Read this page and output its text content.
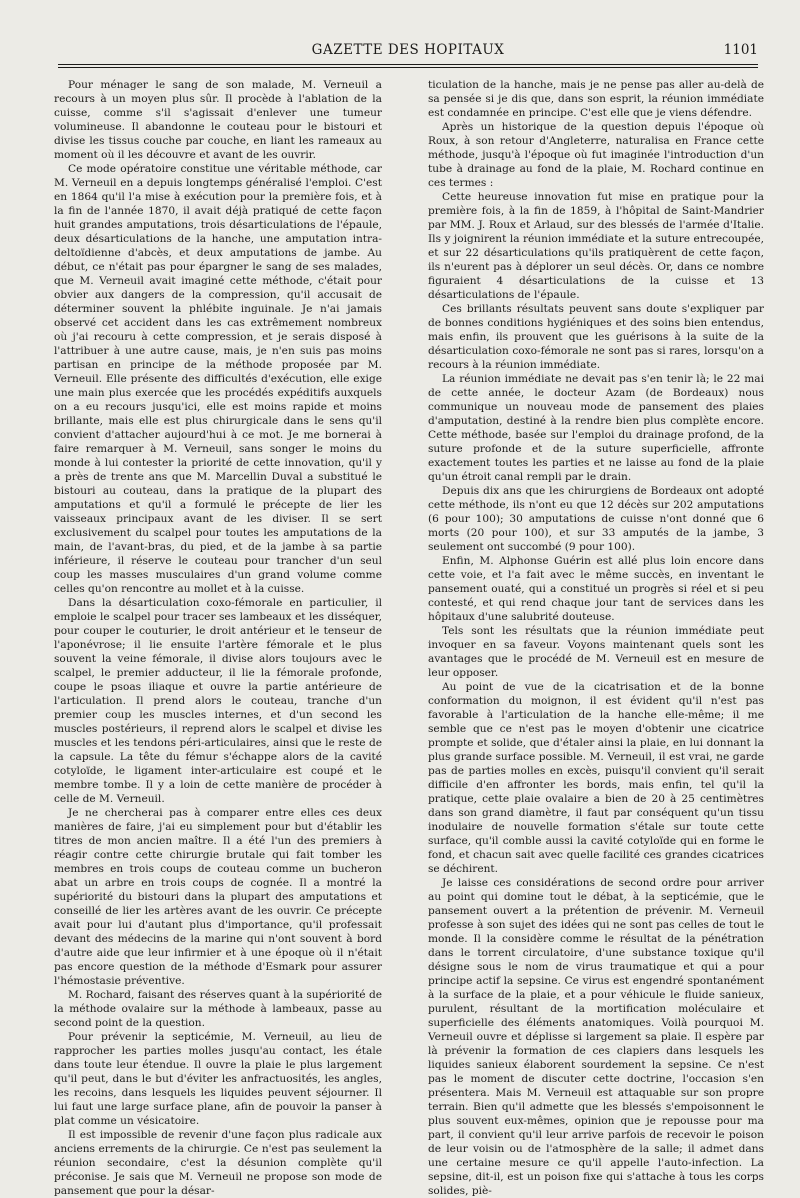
GAZETTE DES HOPITAUX	1101

Pour ménager le sang de son malade, M. Verneuil a recours à un moyen plus sûr. Il procède à l'ablation de la cuisse, comme s'il s'agissait d'enlever une tumeur volumineuse. Il abandonne le couteau pour le bistouri et divise les tissus couche par couche, en liant les rameaux au moment où il les découvre et avant de les ouvrir.

Ce mode opératoire constitue une véritable méthode, car M. Verneuil en a depuis longtemps généralisé l'emploi. C'est en 1864 qu'il l'a mise à exécution pour la première fois, et à la fin de l'année 1870, il avait déjà pratiqué de cette façon huit grandes amputations, trois désarticulations de l'épaule, deux désarticulations de la hanche, une amputation intra-deltoïdienne d'abcès, et deux amputations de jambe. Au début, ce n'était pas pour épargner le sang de ses malades, que M. Verneuil avait imaginé cette méthode, c'était pour obvier aux dangers de la compression, qu'il accusait de déterminer souvent la phlébite inguinale. Je n'ai jamais observé cet accident dans les cas extrêmement nombreux où j'ai recouru à cette compression, et je serais disposé à l'attribuer à une autre cause, mais, je n'en suis pas moins partisan en principe de la méthode proposée par M. Verneuil. Elle présente des difficultés d'exécution, elle exige une main plus exercée que les procédés expéditifs auxquels on a eu recours jusqu'ici, elle est moins rapide et moins brillante, mais elle est plus chirurgicale dans le sens qu'il convient d'attacher aujourd'hui à ce mot. Je me bornerai à faire remarquer à M. Verneuil, sans songer le moins du monde à lui contester la priorité de cette innovation, qu'il y a près de trente ans que M. Marcellin Duval a substitué le bistouri au couteau, dans la pratique de la plupart des amputations et qu'il a formulé le précepte de lier les vaisseaux principaux avant de les diviser. Il se sert exclusivement du scalpel pour toutes les amputations de la main, de l'avant-bras, du pied, et de la jambe à sa partie inférieure, il réserve le couteau pour trancher d'un seul coup les masses musculaires d'un grand volume comme celles qu'on rencontre au mollet et à la cuisse.

Dans la désarticulation coxo-fémorale en particulier, il emploie le scalpel pour tracer ses lambeaux et les disséquer, pour couper le couturier, le droit antérieur et le tenseur de l'aponévrose; il lie ensuite l'artère fémorale et le plus souvent la veine fémorale, il divise alors toujours avec le scalpel, le premier adducteur, il lie la fémorale profonde, coupe le psoas iliaque et ouvre la partie antérieure de l'articulation. Il prend alors le couteau, tranche d'un premier coup les muscles internes, et d'un second les muscles postérieurs, il reprend alors le scalpel et divise les muscles et les tendons péri-articulaires, ainsi que le reste de la capsule. La tête du fémur s'échappe alors de la cavité cotyloïde, le ligament inter-articulaire est coupé et le membre tombe. Il y a loin de cette manière de procéder à celle de M. Verneuil.

Je ne chercherai pas à comparer entre elles ces deux manières de faire, j'ai eu simplement pour but d'établir les titres de mon ancien maître. Il a été l'un des premiers à réagir contre cette chirurgie brutale qui fait tomber les membres en trois coups de couteau comme un bucheron abat un arbre en trois coups de cognée. Il a montré la supériorité du bistouri dans la plupart des amputations et conseillé de lier les artères avant de les ouvrir. Ce précepte avait pour lui d'autant plus d'importance, qu'il professait devant des médecins de la marine qui n'ont souvent à bord d'autre aide que leur infirmier et à une époque où il n'était pas encore question de la méthode d'Esmark pour assurer l'hémostasie préventive.

M. Rochard, faisant des réserves quant à la supériorité de la méthode ovalaire sur la méthode à lambeaux, passe au second point de la question.

Pour prévenir la septicémie, M. Verneuil, au lieu de rapprocher les parties molles jusqu'au contact, les étale dans toute leur étendue. Il ouvre la plaie le plus largement qu'il peut, dans le but d'éviter les anfractuosités, les angles, les recoins, dans lesquels les liquides peuvent séjourner. Il lui faut une large surface plane, afin de pouvoir la panser à plat comme un vésicatoire.

Il est impossible de revenir d'une façon plus radicale aux anciens errements de la chirurgie. Ce n'est pas seulement la réunion secondaire, c'est la désunion complète qu'il préconise. Je sais que M. Verneuil ne propose son mode de pansement que pour la désar-

ticulation de la hanche, mais je ne pense pas aller au-delà de sa pensée si je dis que, dans son esprit, la réunion immédiate est condamnée en principe. C'est elle que je viens défendre.

Après un historique de la question depuis l'époque où Roux, à son retour d'Angleterre, naturalisa en France cette méthode, jusqu'à l'époque où fut imaginée l'introduction d'un tube à drainage au fond de la plaie, M. Rochard continue en ces termes :

Cette heureuse innovation fut mise en pratique pour la première fois, à la fin de 1859, à l'hôpital de Saint-Mandrier par MM. J. Roux et Arlaud, sur des blessés de l'armée d'Italie. Ils y joignirent la réunion immédiate et la suture entrecoupée, et sur 22 désarticulations qu'ils pratiquèrent de cette façon, ils n'eurent pas à déplorer un seul décès. Or, dans ce nombre figuraient 4 désarticulations de la cuisse et 13 désarticulations de l'épaule.

Ces brillants résultats peuvent sans doute s'expliquer par de bonnes conditions hygiéniques et des soins bien entendus, mais enfin, ils prouvent que les guérisons à la suite de la désarticulation coxo-fémorale ne sont pas si rares, lorsqu'on a recours à la réunion immédiate.

La réunion immédiate ne devait pas s'en tenir là; le 22 mai de cette année, le docteur Azam (de Bordeaux) nous communique un nouveau mode de pansement des plaies d'amputation, destiné à la rendre bien plus complète encore. Cette méthode, basée sur l'emploi du drainage profond, de la suture profonde et de la suture superficielle, affronte exactement toutes les parties et ne laisse au fond de la plaie qu'un étroit canal rempli par le drain.

Depuis dix ans que les chirurgiens de Bordeaux ont adopté cette méthode, ils n'ont eu que 12 décès sur 202 amputations (6 pour 100); 30 amputations de cuisse n'ont donné que 6 morts (20 pour 100), et sur 33 amputés de la jambe, 3 seulement ont succombé (9 pour 100).

Enfin, M. Alphonse Guérin est allé plus loin encore dans cette voie, et l'a fait avec le même succès, en inventant le pansement ouaté, qui a constitué un progrès si réel et si peu contesté, et qui rend chaque jour tant de services dans les hôpitaux d'une salubrité douteuse.

Tels sont les résultats que la réunion immédiate peut invoquer en sa faveur. Voyons maintenant quels sont les avantages que le procédé de M. Verneuil est en mesure de leur opposer.

Au point de vue de la cicatrisation et de la bonne conformation du moignon, il est évident qu'il n'est pas favorable à l'articulation de la hanche elle-même; il me semble que ce n'est pas le moyen d'obtenir une cicatrice prompte et solide, que d'étaler ainsi la plaie, en lui donnant la plus grande surface possible. M. Verneuil, il est vrai, ne garde pas de parties molles en excès, puisqu'il convient qu'il serait difficile d'en affronter les bords, mais enfin, tel qu'il la pratique, cette plaie ovalaire a bien de 20 à 25 centimètres dans son grand diamètre, il faut par conséquent qu'un tissu inodulaire de nouvelle formation s'étale sur toute cette surface, qu'il comble aussi la cavité cotyloïde qui en forme le fond, et chacun sait avec quelle facilité ces grandes cicatrices se déchirent.

Je laisse ces considérations de second ordre pour arriver au point qui domine tout le débat, à la septicémie, que le pansement ouvert a la prétention de prévenir. M. Verneuil professe à son sujet des idées qui ne sont pas celles de tout le monde. Il la considère comme le résultat de la pénétration dans le torrent circulatoire, d'une substance toxique qu'il désigne sous le nom de virus traumatique et qui a pour principe actif la sepsine. Ce virus est engendré spontanément à la surface de la plaie, et a pour véhicule le fluide sanieux, purulent, résultant de la mortification moléculaire et superficielle des éléments anatomiques. Voilà pourquoi M. Verneuil ouvre et déplisse si largement sa plaie. Il espère par là prévenir la formation de ces clapiers dans lesquels les liquides sanieux élaborent sourdement la sepsine. Ce n'est pas le moment de discuter cette doctrine, l'occasion s'en présentera. Mais M. Verneuil est attaquable sur son propre terrain. Bien qu'il admette que les blessés s'empoisonnent le plus souvent eux-mêmes, opinion que je repousse pour ma part, il convient qu'il leur arrive parfois de recevoir le poison de leur voisin ou de l'atmosphère de la salle; il admet dans une certaine mesure ce qu'il appelle l'auto-infection. La sepsine, dit-il, est un poison fixe qui s'attache à tous les corps solides, piè-
